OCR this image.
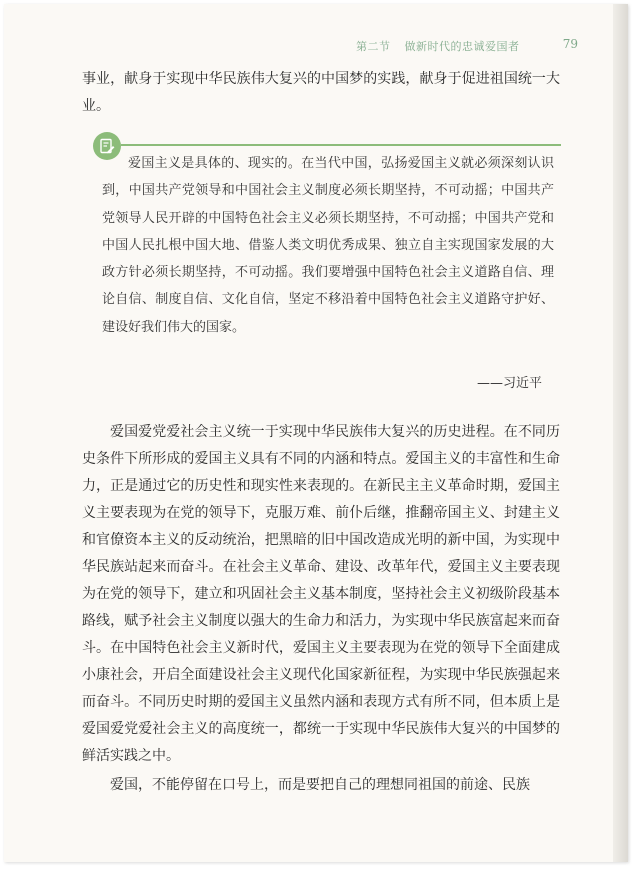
第二节 做新时代的忠诚爱国者	79

事业，献身于实现中华民族伟大复兴的中国梦的实践，献身于促进祖国统一大业。

爱国主义是具体的、现实的。在当代中国，弘扬爱国主义就必须深刻认识到，中国共产党领导和中国社会主义制度必须长期坚持，不可动摇；中国共产党领导人民开辟的中国特色社会主义必须长期坚持，不可动摇；中国共产党和中国人民扎根中国大地、借鉴人类文明优秀成果、独立自主实现国家发展的大政方针必须长期坚持，不可动摇。我们要增强中国特色社会主义道路自信、理论自信、制度自信、文化自信，坚定不移沿着中国特色社会主义道路守护好、建设好我们伟大的国家。

——习近平

爱国爱党爱社会主义统一于实现中华民族伟大复兴的历史进程。在不同历史条件下所形成的爱国主义具有不同的内涵和特点。爱国主义的丰富性和生命力，正是通过它的历史性和现实性来表现的。在新民主主义革命时期，爱国主义主要表现为在党的领导下，克服万难、前仆后继，推翻帝国主义、封建主义和官僚资本主义的反动统治，把黑暗的旧中国改造成光明的新中国，为实现中华民族站起来而奋斗。在社会主义革命、建设、改革年代，爱国主义主要表现为在党的领导下，建立和巩固社会主义基本制度，坚持社会主义初级阶段基本路线，赋予社会主义制度以强大的生命力和活力，为实现中华民族富起来而奋斗。在中国特色社会主义新时代，爱国主义主要表现为在党的领导下全面建成小康社会，开启全面建设社会主义现代化国家新征程，为实现中华民族强起来而奋斗。不同历史时期的爱国主义虽然内涵和表现方式有所不同，但本质上是爱国爱党爱社会主义的高度统一，都统一于实现中华民族伟大复兴的中国梦的鲜活实践之中。

爱国，不能停留在口号上，而是要把自己的理想同祖国的前途、民族
